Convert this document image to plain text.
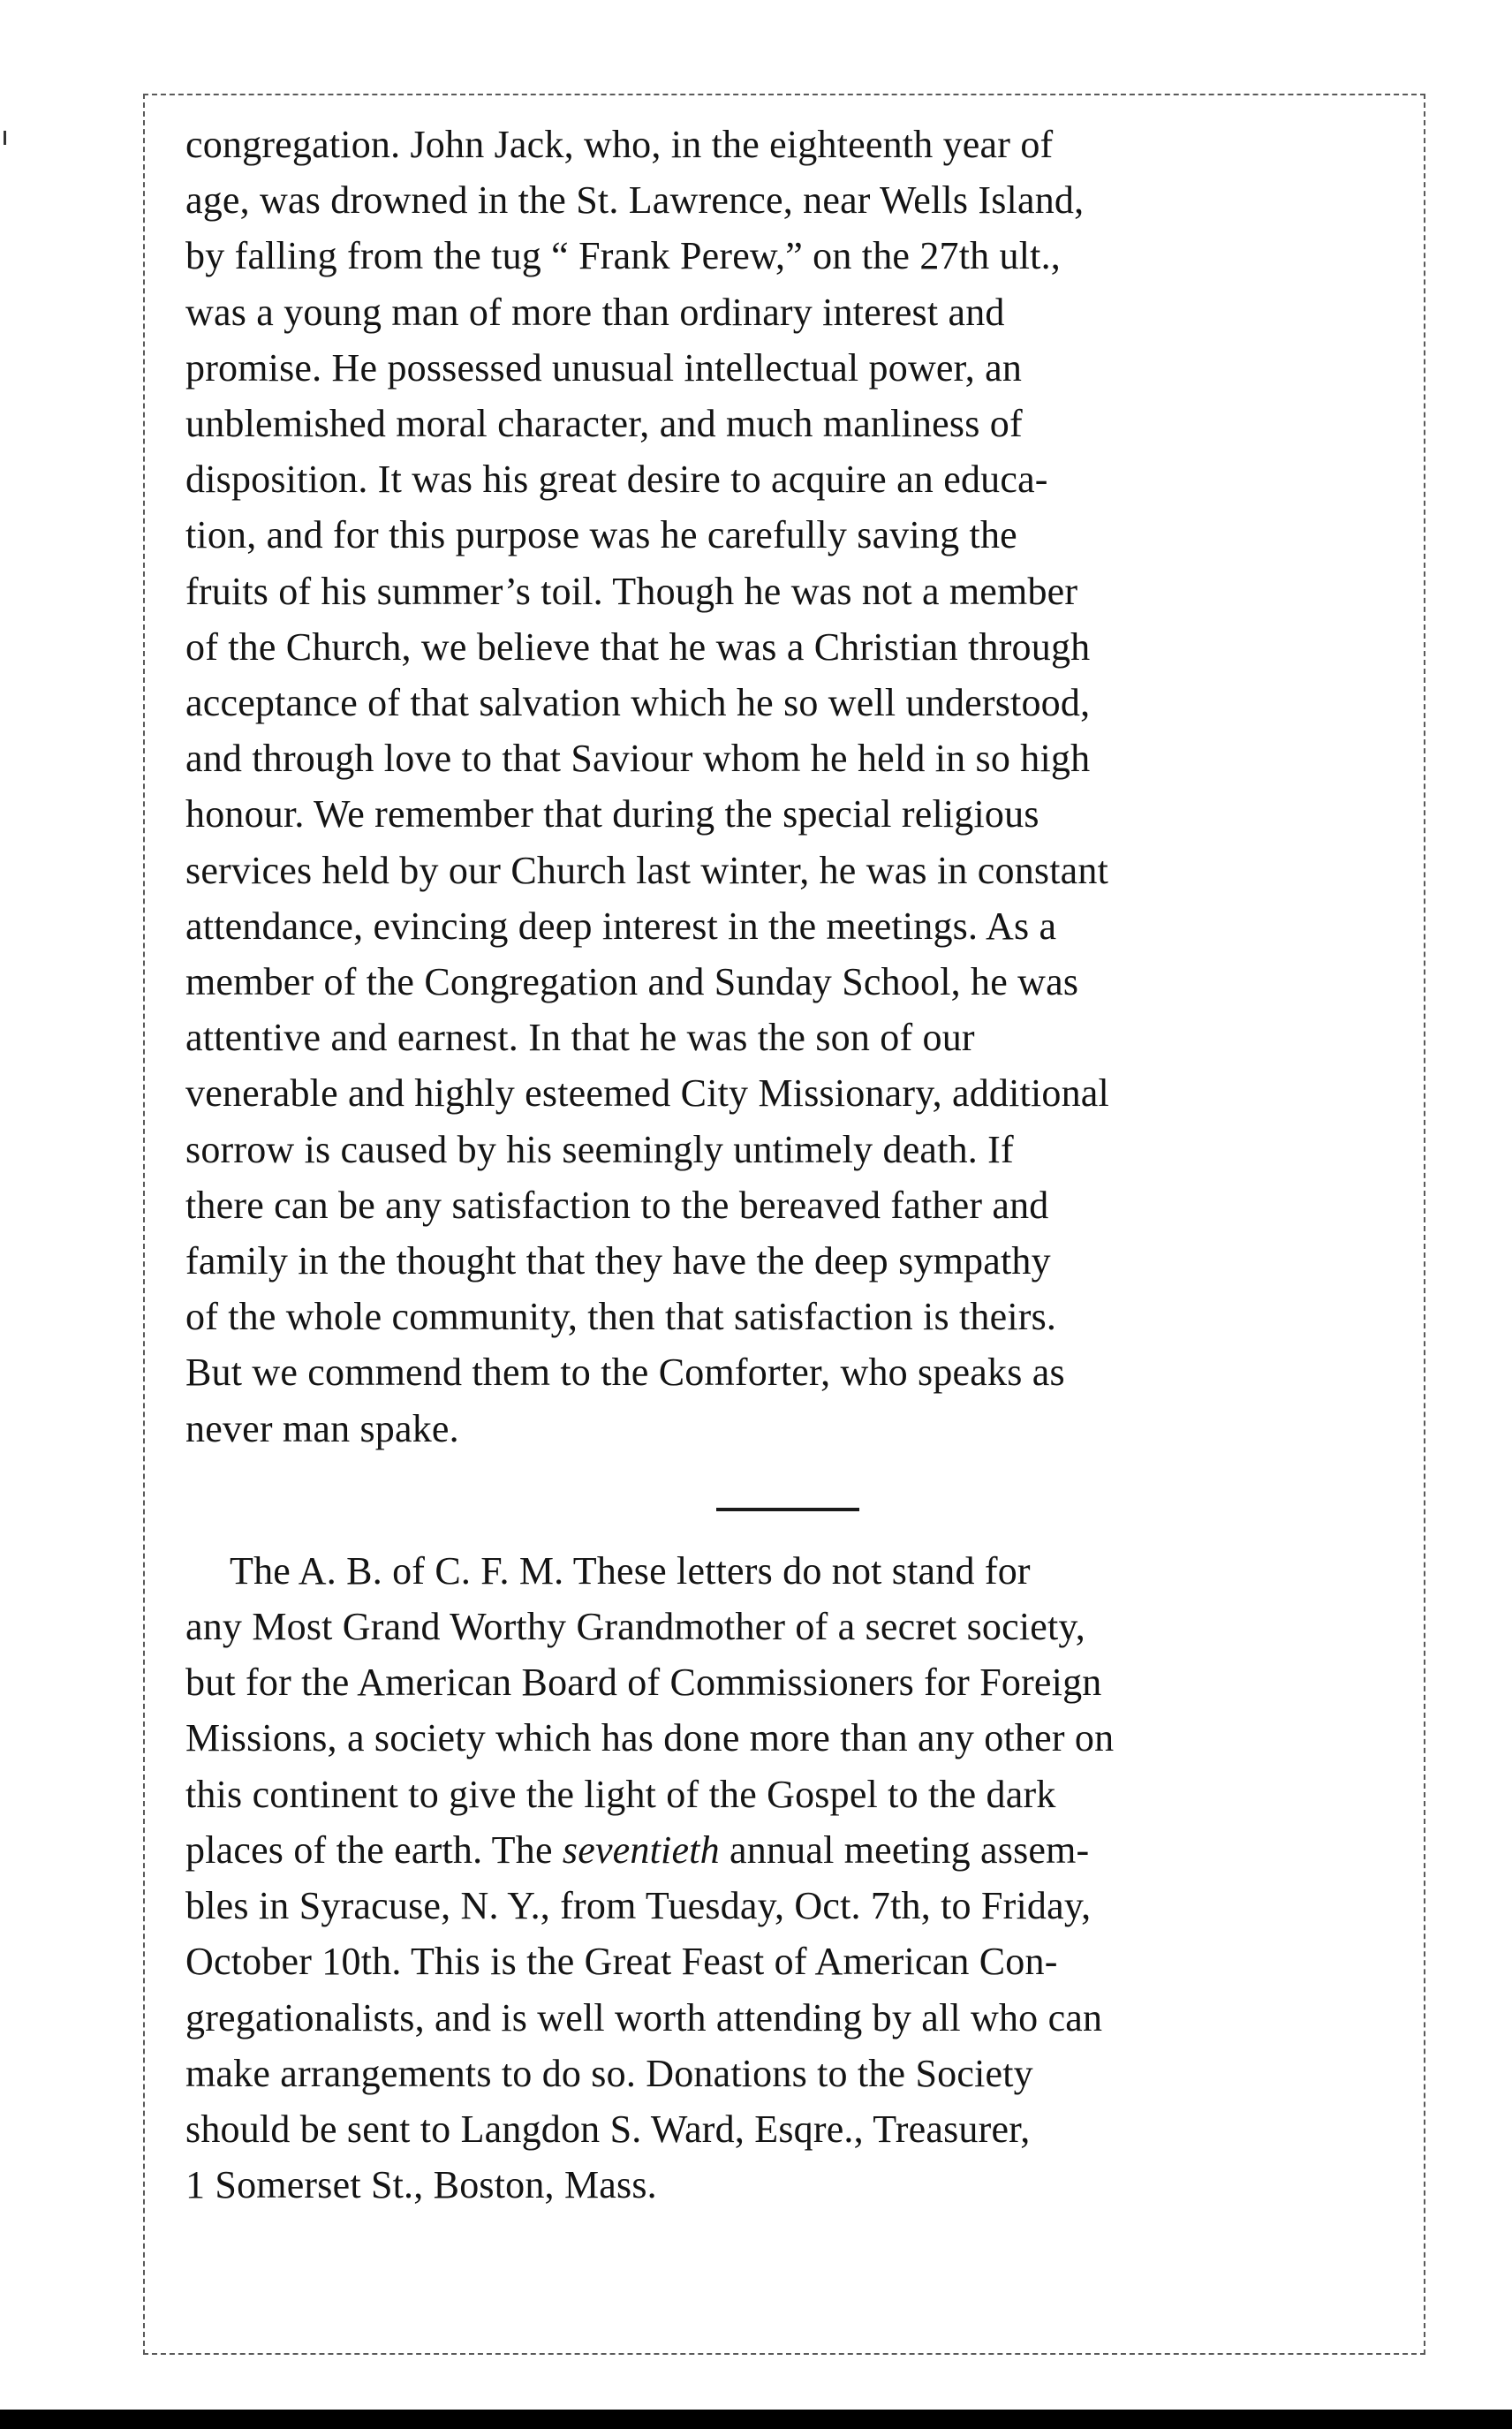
congregation. John Jack, who, in the eighteenth year of
age, was drowned in the St. Lawrence, near Wells Island,
by falling from the tug “ Frank Perew,” on the 27th ult.,
was a young man of more than ordinary interest and
promise. He possessed unusual intellectual power, an
unblemished moral character, and much manliness of
disposition. It was his great desire to acquire an educa-
tion, and for this purpose was he carefully saving the
fruits of his summer’s toil. Though he was not a member
of the Church, we believe that he was a Christian through
acceptance of that salvation which he so well understood,
and through love to that Saviour whom he held in so high
honour. We remember that during the special religious
services held by our Church last winter, he was in constant
attendance, evincing deep interest in the meetings. As a
member of the Congregation and Sunday School, he was
attentive and earnest. In that he was the son of our
venerable and highly esteemed City Missionary, additional
sorrow is caused by his seemingly untimely death. If
there can be any satisfaction to the bereaved father and
family in the thought that they have the deep sympathy
of the whole community, then that satisfaction is theirs.
But we commend them to the Comforter, who speaks as
never man spake.

The A. B. of C. F. M. These letters do not stand for
any Most Grand Worthy Grandmother of a secret society,
but for the American Board of Commissioners for Foreign
Missions, a society which has done more than any other on
this continent to give the light of the Gospel to the dark
places of the earth. The seventieth annual meeting assem-
bles in Syracuse, N. Y., from Tuesday, Oct. 7th, to Friday,
October 10th. This is the Great Feast of American Con-
gregationalists, and is well worth attending by all who can
make arrangements to do so. Donations to the Society
should be sent to Langdon S. Ward, Esqre., Treasurer,
1 Somerset St., Boston, Mass.
